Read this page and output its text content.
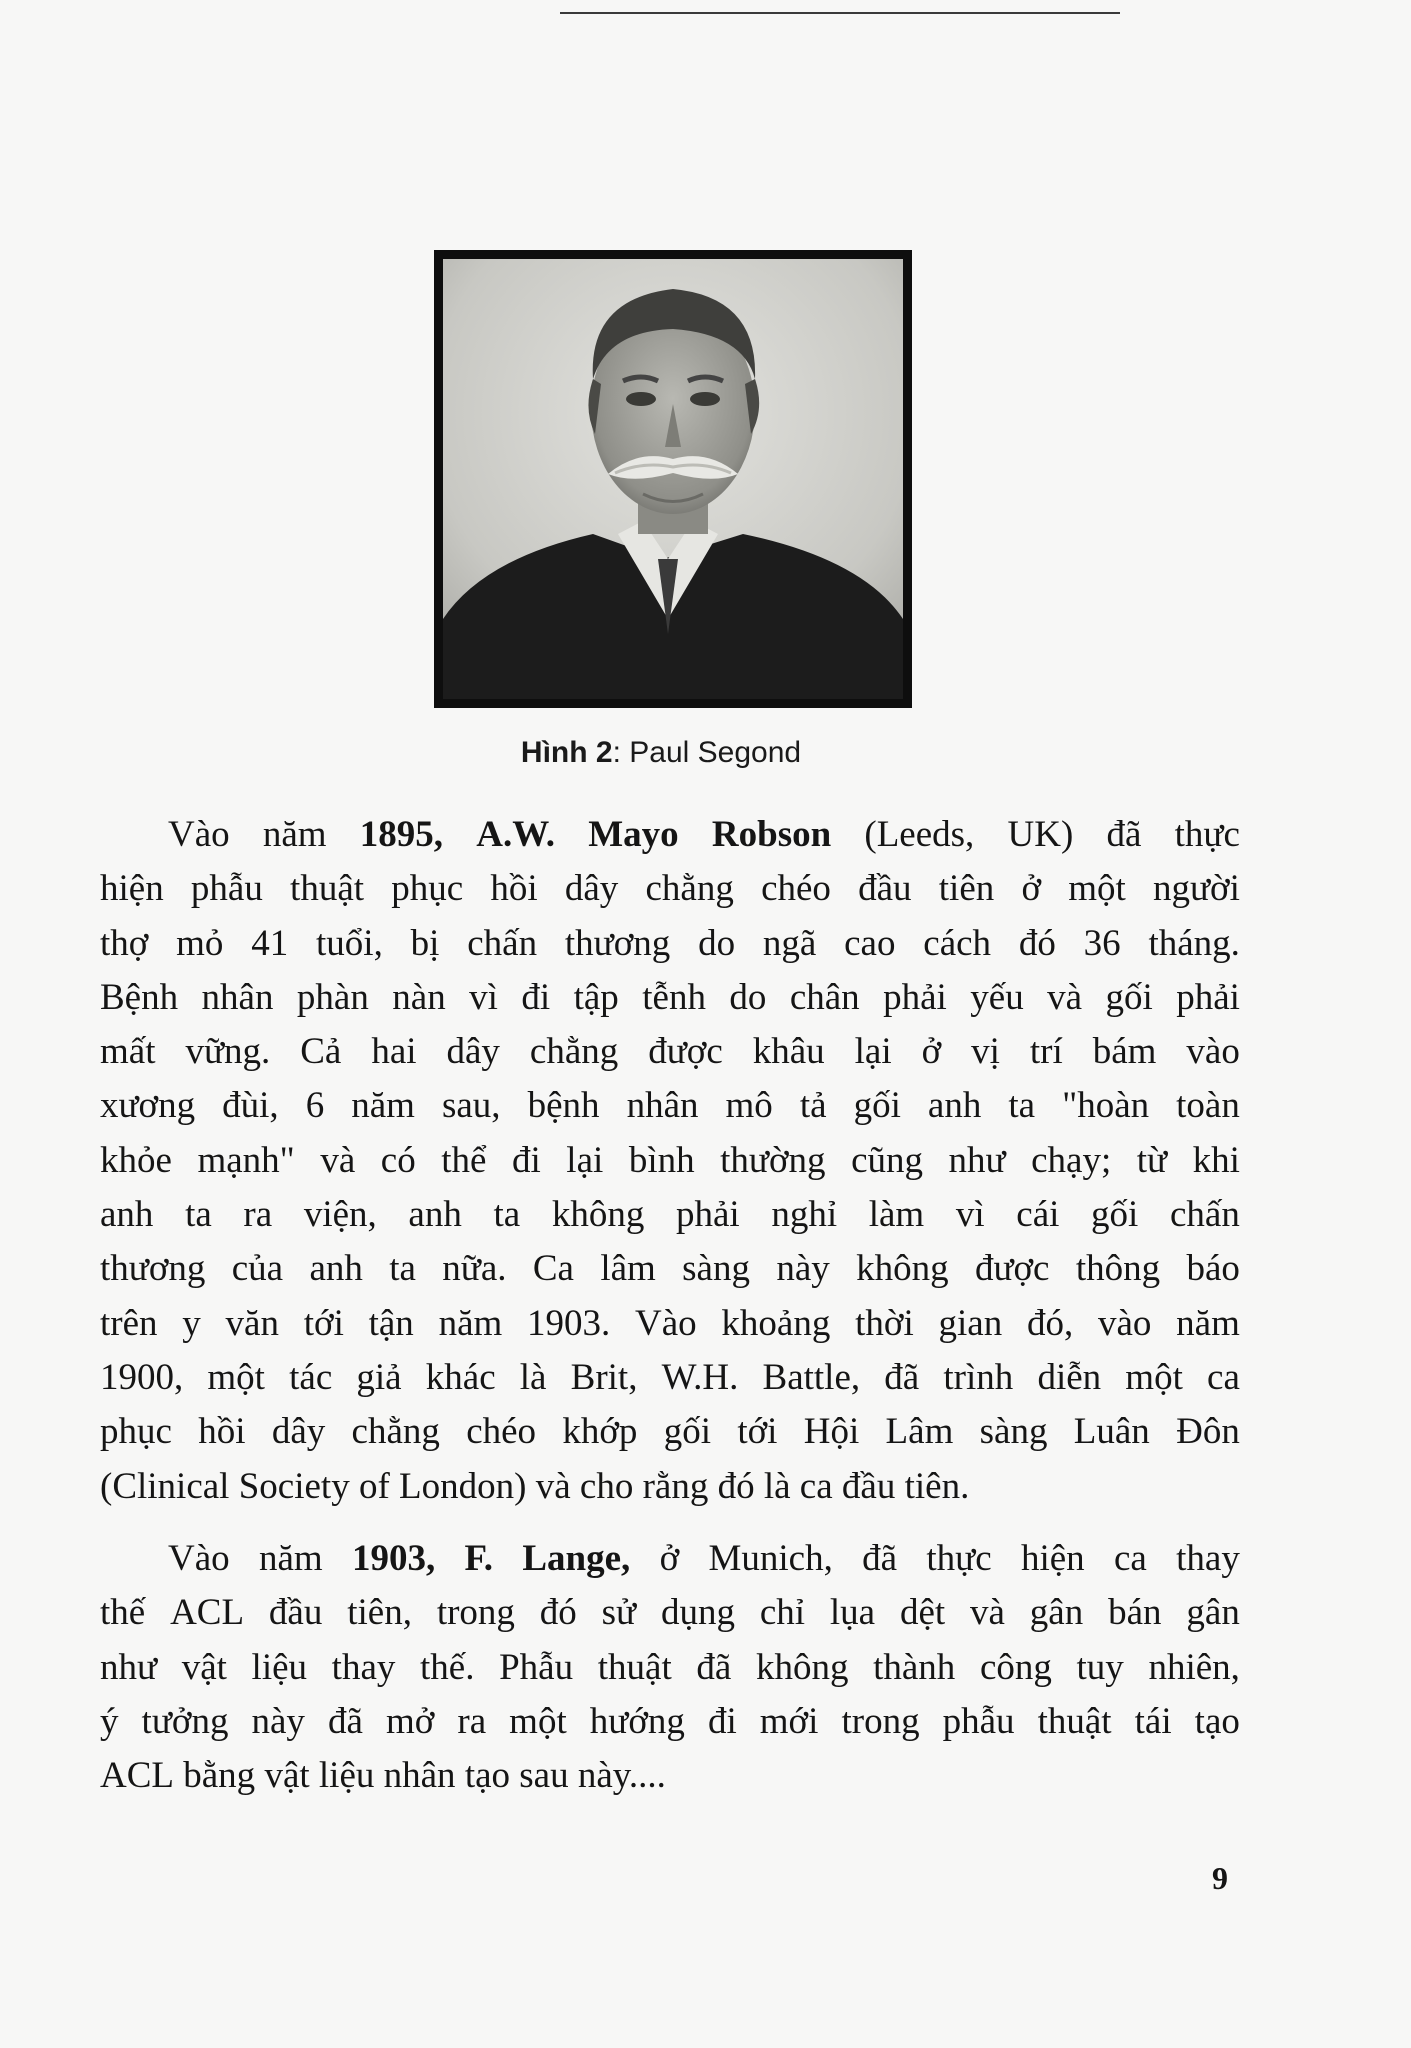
Hình 2: Paul Segond
Vào năm 1895, A.W. Mayo Robson (Leeds, UK) đã thực
hiện phẫu thuật phục hồi dây chằng chéo đầu tiên ở một người
thợ mỏ 41 tuổi, bị chấn thương do ngã cao cách đó 36 tháng.
Bệnh nhân phàn nàn vì đi tập tễnh do chân phải yếu và gối phải
mất vững. Cả hai dây chằng được khâu lại ở vị trí bám vào
xương đùi, 6 năm sau, bệnh nhân mô tả gối anh ta "hoàn toàn
khỏe mạnh" và có thể đi lại bình thường cũng như chạy; từ khi
anh ta ra viện, anh ta không phải nghỉ làm vì cái gối chấn
thương của anh ta nữa. Ca lâm sàng này không được thông báo
trên y văn tới tận năm 1903. Vào khoảng thời gian đó, vào năm
1900, một tác giả khác là Brit, W.H. Battle, đã trình diễn một ca
phục hồi dây chằng chéo khớp gối tới Hội Lâm sàng Luân Đôn
(Clinical Society of London) và cho rằng đó là ca đầu tiên.
Vào năm 1903, F. Lange, ở Munich, đã thực hiện ca thay
thế ACL đầu tiên, trong đó sử dụng chỉ lụa dệt và gân bán gân
như vật liệu thay thế. Phẫu thuật đã không thành công tuy nhiên,
ý tưởng này đã mở ra một hướng đi mới trong phẫu thuật tái tạo
ACL bằng vật liệu nhân tạo sau này....
9
